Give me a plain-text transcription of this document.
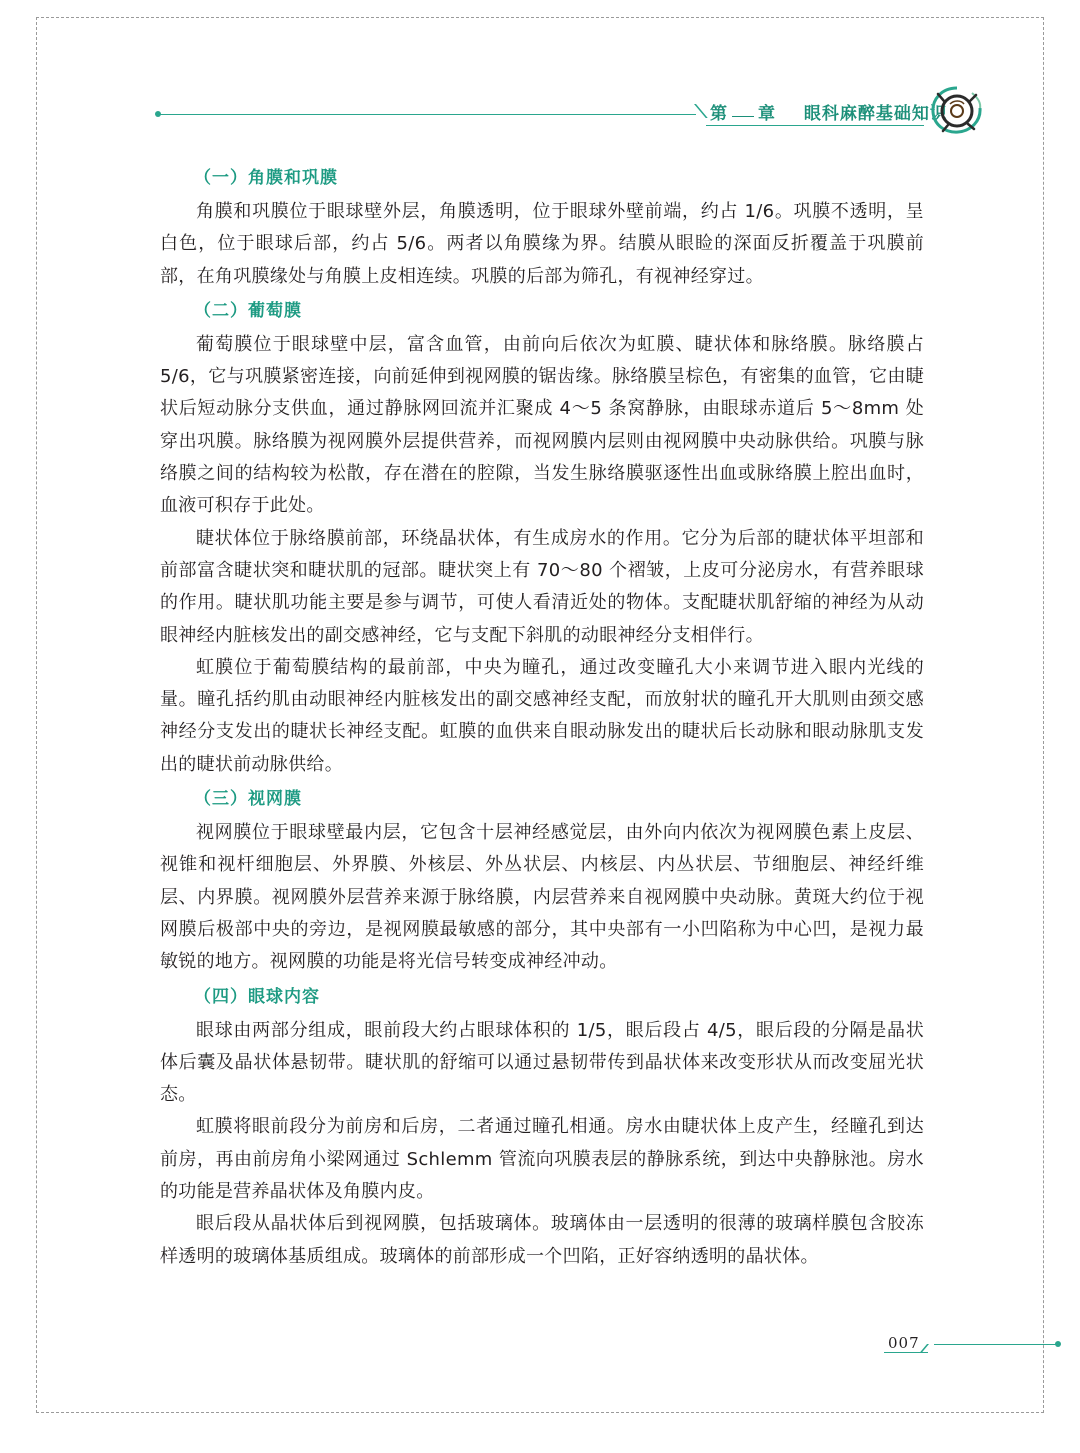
第 章 眼科麻醉基础知识
（一）角膜和巩膜

角膜和巩膜位于眼球壁外层，角膜透明，位于眼球外壁前端，约占 1/6。巩膜不透明，呈白色，位于眼球后部，约占 5/6。两者以角膜缘为界。结膜从眼睑的深面反折覆盖于巩膜前部，在角巩膜缘处与角膜上皮相连续。巩膜的后部为筛孔，有视神经穿过。

（二）葡萄膜

葡萄膜位于眼球壁中层，富含血管，由前向后依次为虹膜、睫状体和脉络膜。脉络膜占 5/6，它与巩膜紧密连接，向前延伸到视网膜的锯齿缘。脉络膜呈棕色，有密集的血管，它由睫状后短动脉分支供血，通过静脉网回流并汇聚成 4～5 条窝静脉，由眼球赤道后 5～8mm 处穿出巩膜。脉络膜为视网膜外层提供营养，而视网膜内层则由视网膜中央动脉供给。巩膜与脉络膜之间的结构较为松散，存在潜在的腔隙，当发生脉络膜驱逐性出血或脉络膜上腔出血时，血液可积存于此处。

睫状体位于脉络膜前部，环绕晶状体，有生成房水的作用。它分为后部的睫状体平坦部和前部富含睫状突和睫状肌的冠部。睫状突上有 70～80 个褶皱，上皮可分泌房水，有营养眼球的作用。睫状肌功能主要是参与调节，可使人看清近处的物体。支配睫状肌舒缩的神经为从动眼神经内脏核发出的副交感神经，它与支配下斜肌的动眼神经分支相伴行。

虹膜位于葡萄膜结构的最前部，中央为瞳孔，通过改变瞳孔大小来调节进入眼内光线的量。瞳孔括约肌由动眼神经内脏核发出的副交感神经支配，而放射状的瞳孔开大肌则由颈交感神经分支发出的睫状长神经支配。虹膜的血供来自眼动脉发出的睫状后长动脉和眼动脉肌支发出的睫状前动脉供给。

（三）视网膜

视网膜位于眼球壁最内层，它包含十层神经感觉层，由外向内依次为视网膜色素上皮层、视锥和视杆细胞层、外界膜、外核层、外丛状层、内核层、内丛状层、节细胞层、神经纤维层、内界膜。视网膜外层营养来源于脉络膜，内层营养来自视网膜中央动脉。黄斑大约位于视网膜后极部中央的旁边，是视网膜最敏感的部分，其中央部有一小凹陷称为中心凹，是视力最敏锐的地方。视网膜的功能是将光信号转变成神经冲动。

（四）眼球内容

眼球由两部分组成，眼前段大约占眼球体积的 1/5，眼后段占 4/5，眼后段的分隔是晶状体后囊及晶状体悬韧带。睫状肌的舒缩可以通过悬韧带传到晶状体来改变形状从而改变屈光状态。

虹膜将眼前段分为前房和后房，二者通过瞳孔相通。房水由睫状体上皮产生，经瞳孔到达前房，再由前房角小梁网通过 Schlemm 管流向巩膜表层的静脉系统，到达中央静脉池。房水的功能是营养晶状体及角膜内皮。

眼后段从晶状体后到视网膜，包括玻璃体。玻璃体由一层透明的很薄的玻璃样膜包含胶冻样透明的玻璃体基质组成。玻璃体的前部形成一个凹陷，正好容纳透明的晶状体。

007
